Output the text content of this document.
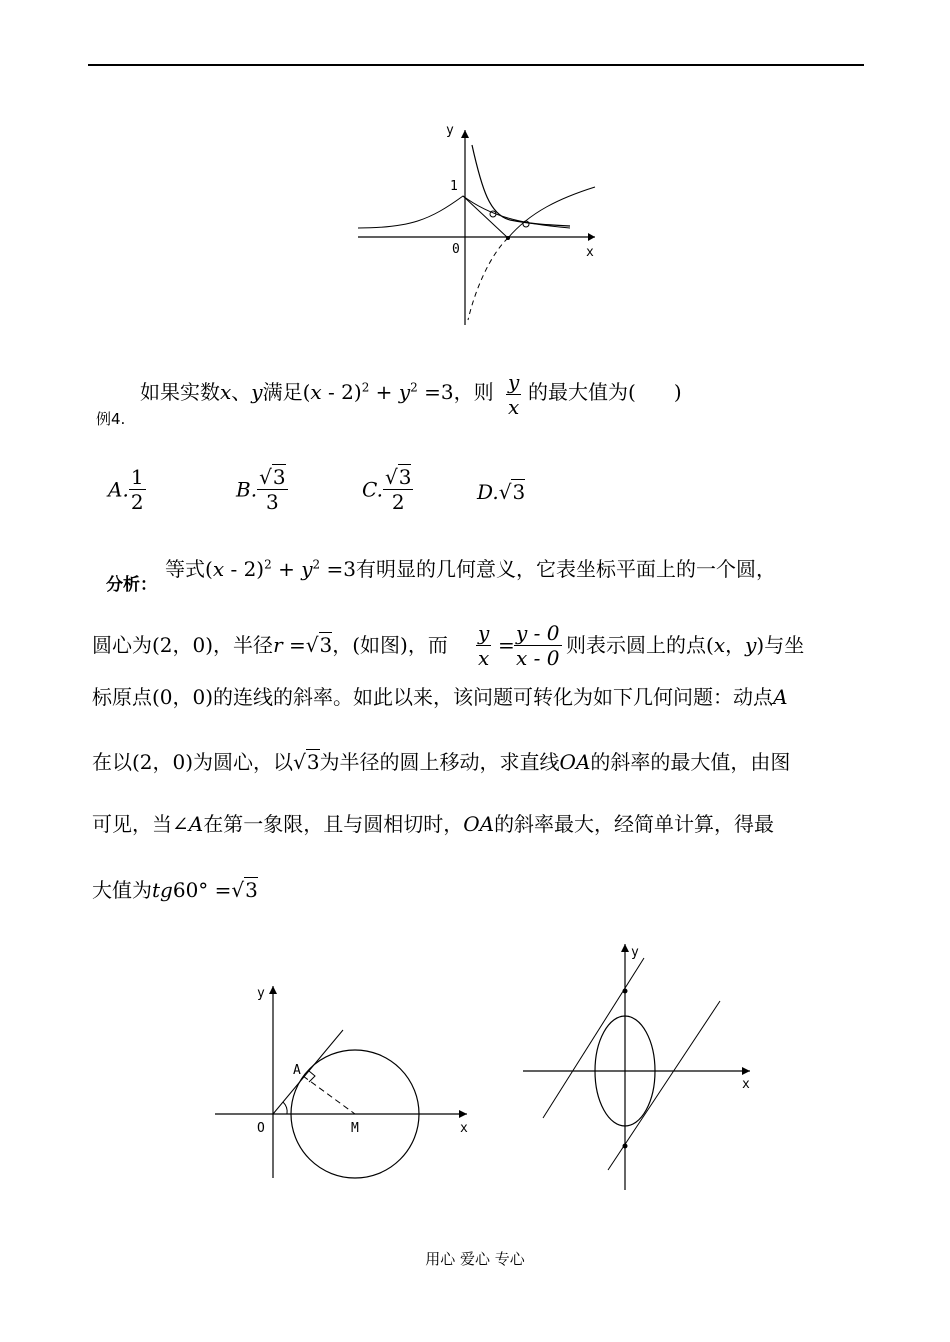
y
1
0	x
如果实数x、y满足$(x - 2)^2 + y^2 =3$，则 $\frac{y}{x}$ 的最大值为( )
例4.
A. $\frac{1}{2}$	B. $\frac{√3}{3}$	C. $\frac{√3}{2}$	D.√3
分析：
等式$(x - 2)^2 + y^2 =3$有明显的几何意义，它表坐标平面上的一个圆，
圆心为(2，0)，半径r =√3，(如图)，而 $\frac{y}{x} = \frac{y - 0}{x - 0}$ 则表示圆上的点(x，y)与坐
标原点(0，0)的连线的斜率。如此以来，该问题可转化为如下几何问题：动点A
在以(2，0)为圆心，以√3为半径的圆上移动，求直线OA的斜率的最大值，由图
可见，当∠A在第一象限，且与圆相切时，OA的斜率最大，经简单计算，得最
大值为tg60° =√3
y
x
O	M
A
y
x
用心 爱心 专心
